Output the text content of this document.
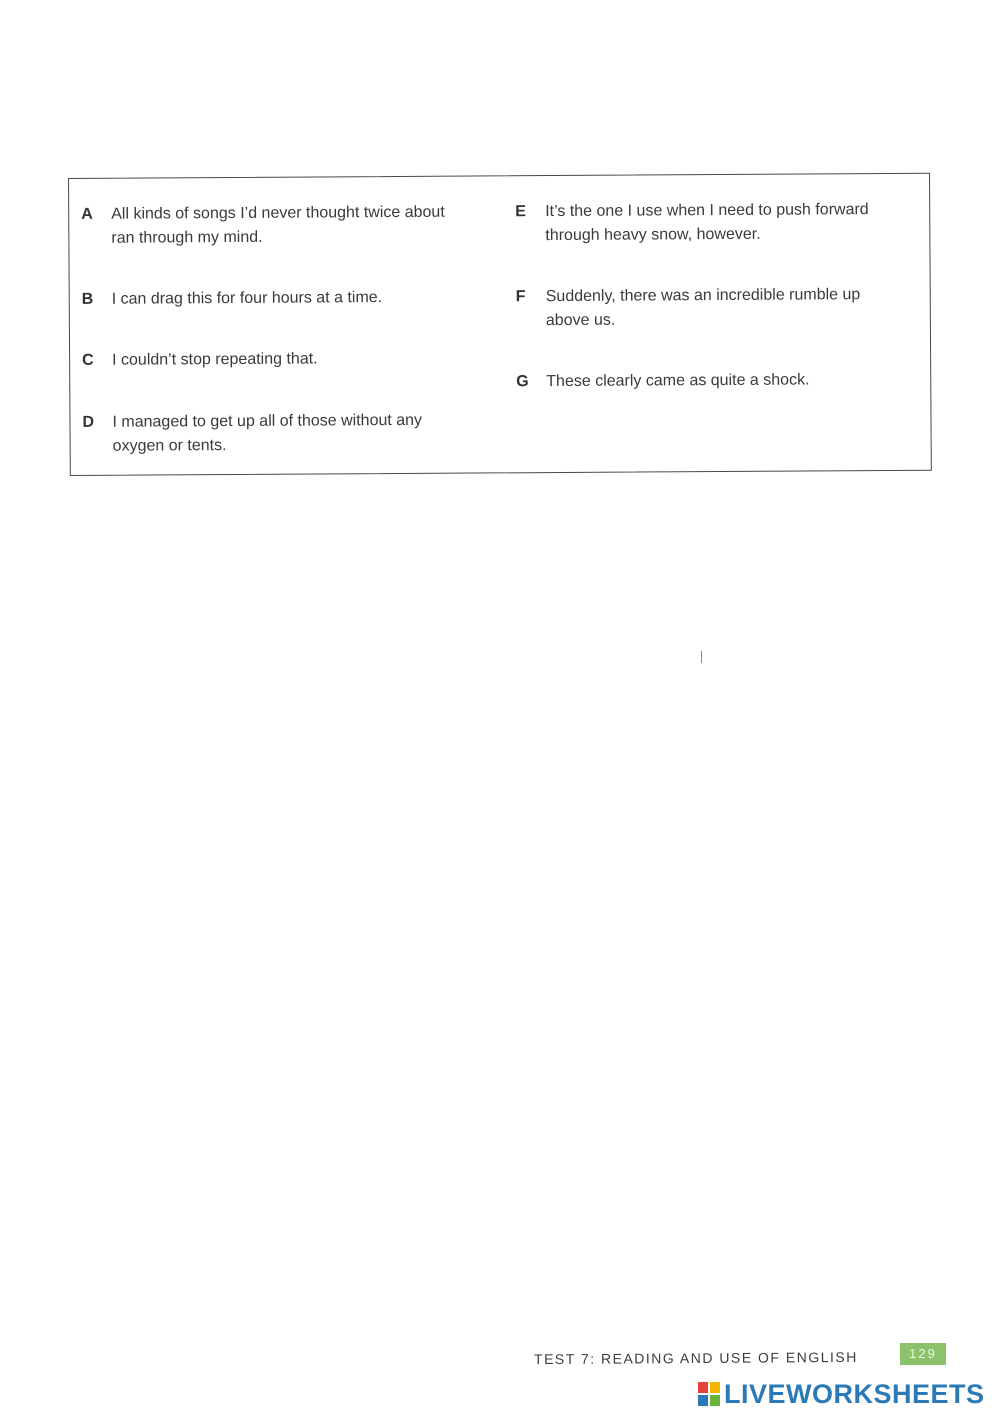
A All kinds of songs I’d never thought twice about
ran through my mind.
B I can drag this for four hours at a time.
C I couldn’t stop repeating that.
D I managed to get up all of those without any
oxygen or tents.
E It’s the one I use when I need to push forward
through heavy snow, however.
F Suddenly, there was an incredible rumble up
above us.
G These clearly came as quite a shock.
TEST 7: READING AND USE OF ENGLISH	129
LIVEWORKSHEETS
